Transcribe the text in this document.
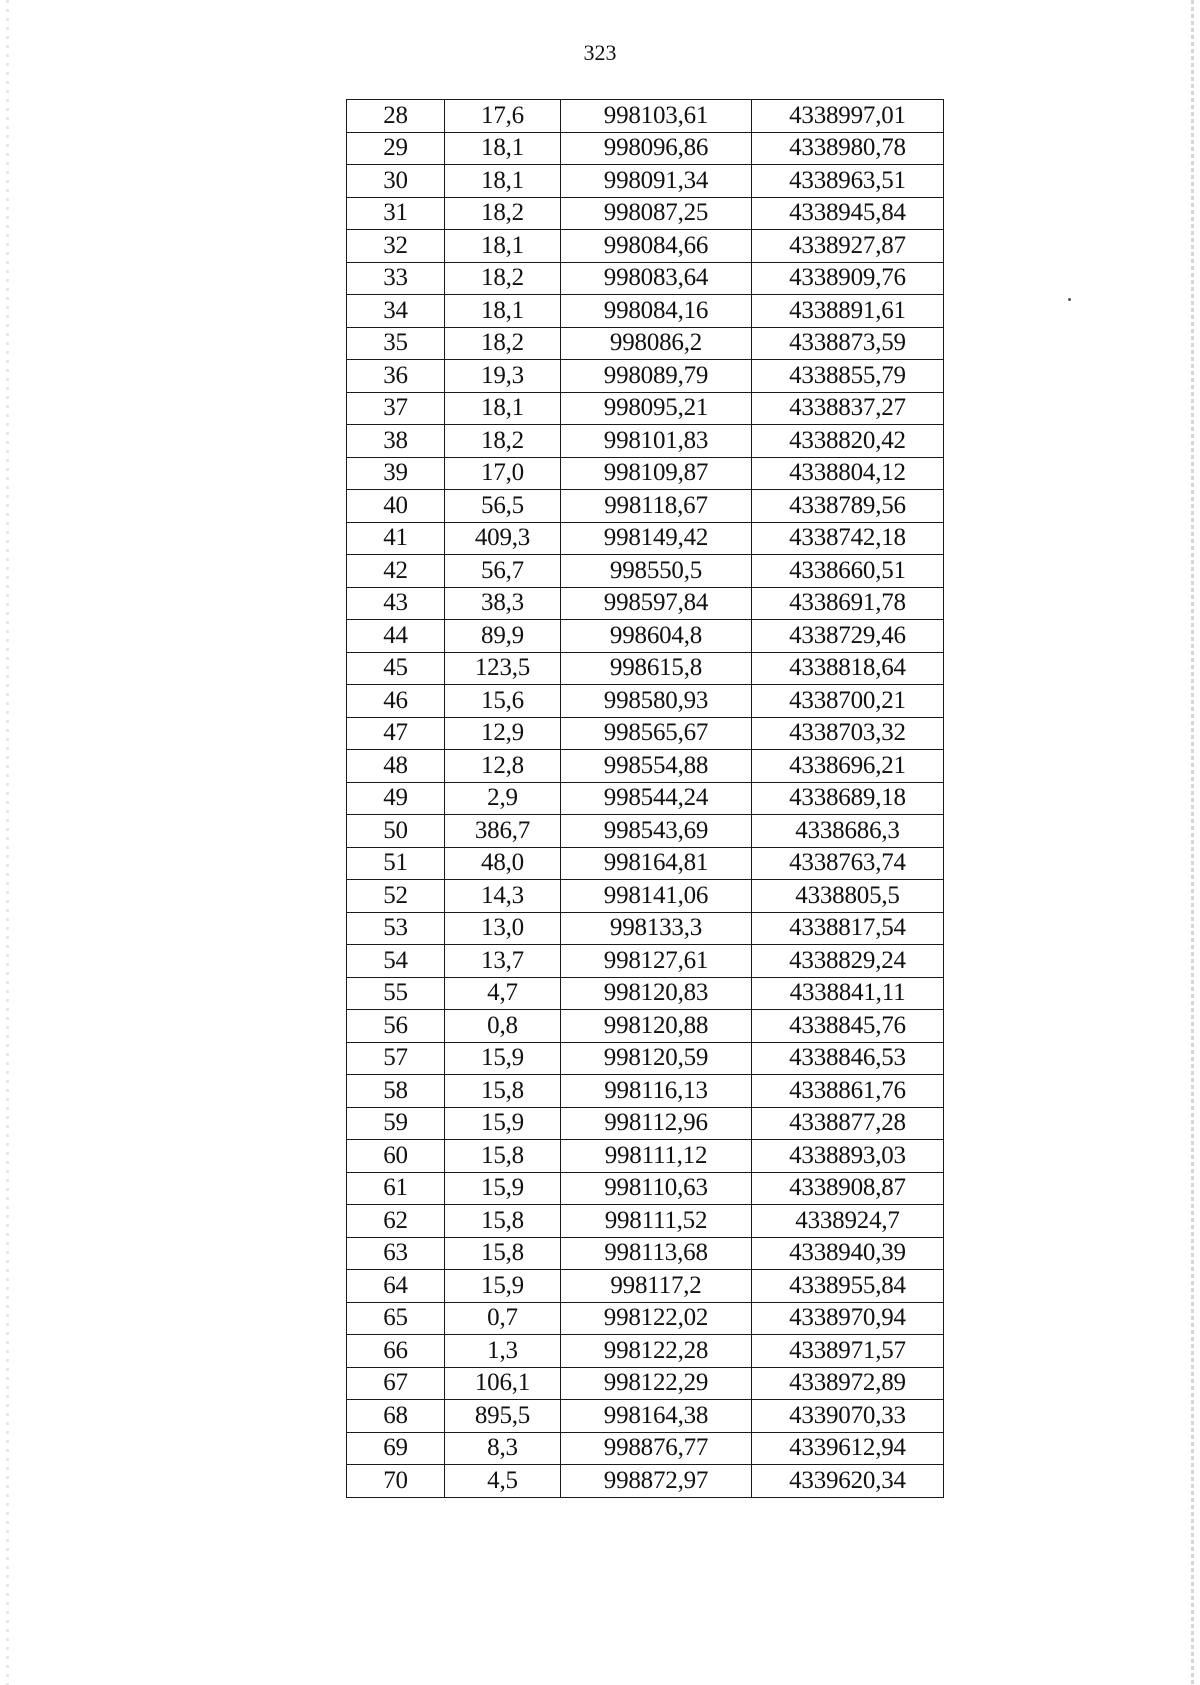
323
28	17,6	998103,61	4338997,01
29	18,1	998096,86	4338980,78
30	18,1	998091,34	4338963,51
31	18,2	998087,25	4338945,84
32	18,1	998084,66	4338927,87
33	18,2	998083,64	4338909,76
34	18,1	998084,16	4338891,61
35	18,2	998086,2	4338873,59
36	19,3	998089,79	4338855,79
37	18,1	998095,21	4338837,27
38	18,2	998101,83	4338820,42
39	17,0	998109,87	4338804,12
40	56,5	998118,67	4338789,56
41	409,3	998149,42	4338742,18
42	56,7	998550,5	4338660,51
43	38,3	998597,84	4338691,78
44	89,9	998604,8	4338729,46
45	123,5	998615,8	4338818,64
46	15,6	998580,93	4338700,21
47	12,9	998565,67	4338703,32
48	12,8	998554,88	4338696,21
49	2,9	998544,24	4338689,18
50	386,7	998543,69	4338686,3
51	48,0	998164,81	4338763,74
52	14,3	998141,06	4338805,5
53	13,0	998133,3	4338817,54
54	13,7	998127,61	4338829,24
55	4,7	998120,83	4338841,11
56	0,8	998120,88	4338845,76
57	15,9	998120,59	4338846,53
58	15,8	998116,13	4338861,76
59	15,9	998112,96	4338877,28
60	15,8	998111,12	4338893,03
61	15,9	998110,63	4338908,87
62	15,8	998111,52	4338924,7
63	15,8	998113,68	4338940,39
64	15,9	998117,2	4338955,84
65	0,7	998122,02	4338970,94
66	1,3	998122,28	4338971,57
67	106,1	998122,29	4338972,89
68	895,5	998164,38	4339070,33
69	8,3	998876,77	4339612,94
70	4,5	998872,97	4339620,34
